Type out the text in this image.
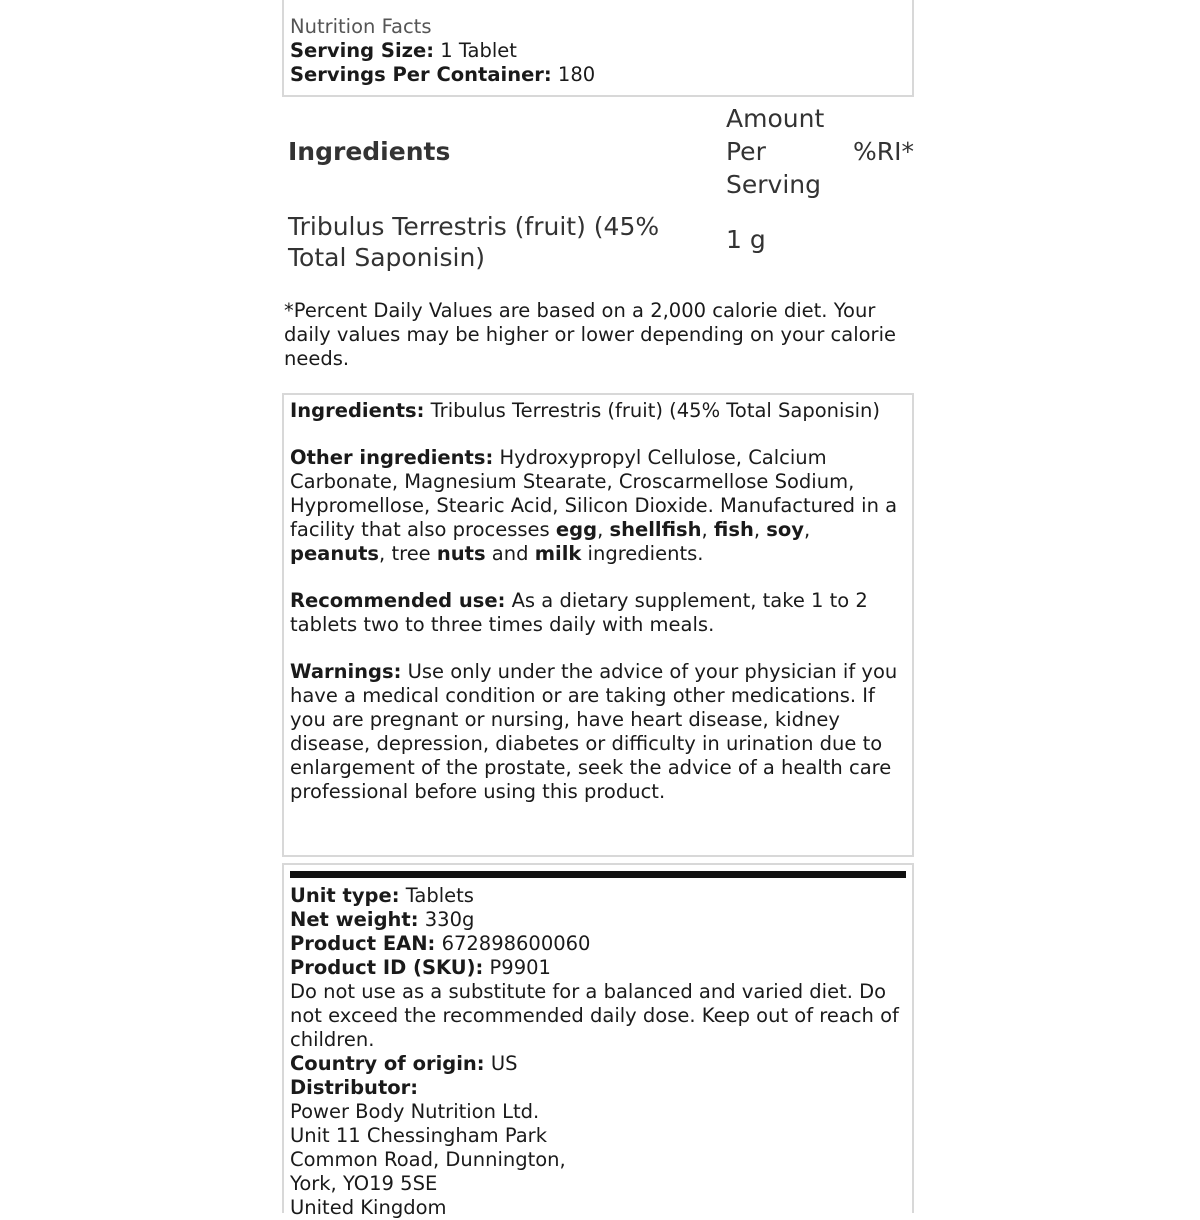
Nutrition Facts
Serving Size: 1 Tablet
Servings Per Container: 180
Ingredients	Amount Per Serving	%RI*
Tribulus Terrestris (fruit) (45% Total Saponisin)	1 g	
*Percent Daily Values are based on a 2,000 calorie diet. Your daily values may be higher or lower depending on your calorie needs.

Ingredients: Tribulus Terrestris (fruit) (45% Total Saponisin)

Other ingredients: Hydroxypropyl Cellulose, Calcium Carbonate, Magnesium Stearate, Croscarmellose Sodium, Hypromellose, Stearic Acid, Silicon Dioxide. Manufactured in a facility that also processes egg, shellfish, fish, soy, peanuts, tree nuts and milk ingredients.

Recommended use: As a dietary supplement, take 1 to 2 tablets two to three times daily with meals.

Warnings: Use only under the advice of your physician if you have a medical condition or are taking other medications. If you are pregnant or nursing, have heart disease, kidney disease, depression, diabetes or difficulty in urination due to enlargement of the prostate, seek the advice of a health care professional before using this product.

Unit type: Tablets
Net weight: 330g
Product EAN: 672898600060
Product ID (SKU): P9901
Do not use as a substitute for a balanced and varied diet. Do not exceed the recommended daily dose. Keep out of reach of children.
Country of origin: US
Distributor:
Power Body Nutrition Ltd.
Unit 11 Chessingham Park
Common Road, Dunnington,
York, YO19 5SE
United Kingdom
